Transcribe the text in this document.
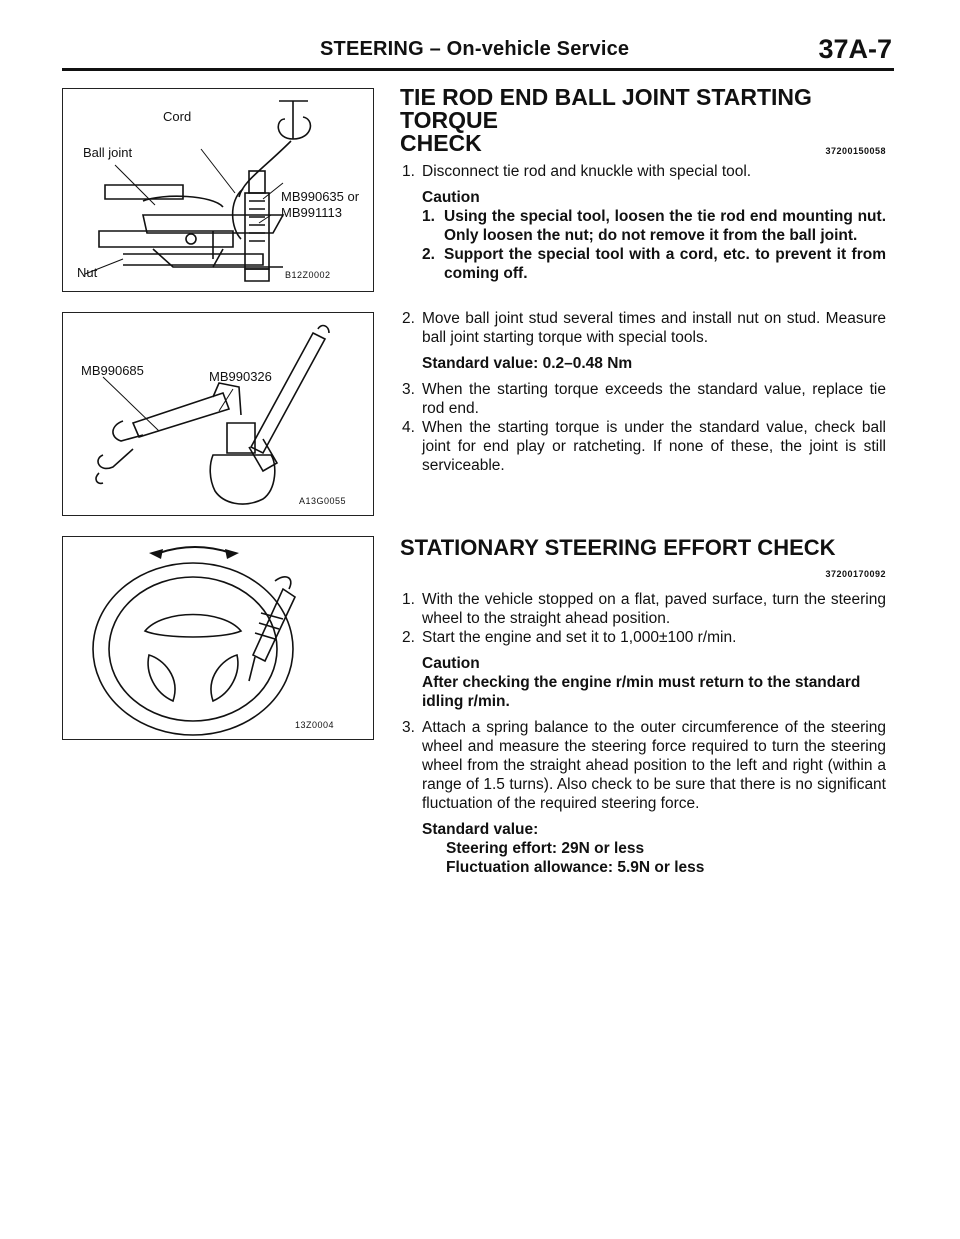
STEERING – On-vehicle Service	37A-7
Cord
Ball joint
MB990635 or
MB991113
Nut	B12Z0002
MB990685	MB990326
A13G0055
13Z0004
TIE ROD END BALL JOINT STARTING TORQUE
CHECK	37200150058
1. Disconnect tie rod and knuckle with special tool.
Caution
1. Using the special tool, loosen the tie rod end mounting nut. Only loosen the nut; do not remove it from the ball joint.
2. Support the special tool with a cord, etc. to prevent it from coming off.
2. Move ball joint stud several times and install nut on stud. Measure ball joint starting torque with special tools.
Standard value: 0.2–0.48 Nm
3. When the starting torque exceeds the standard value, replace tie rod end.
4. When the starting torque is under the standard value, check ball joint for end play or ratcheting. If none of these, the joint is still serviceable.
STATIONARY STEERING EFFORT CHECK
37200170092
1. With the vehicle stopped on a flat, paved surface, turn the steering wheel to the straight ahead position.
2. Start the engine and set it to 1,000±100 r/min.
Caution
After checking the engine r/min must return to the standard idling r/min.
3. Attach a spring balance to the outer circumference of the steering wheel and measure the steering force required to turn the steering wheel from the straight ahead position to the left and right (within a range of 1.5 turns). Also check to be sure that there is no significant fluctuation of the required steering force.
Standard value:
Steering effort: 29N or less
Fluctuation allowance: 5.9N or less
